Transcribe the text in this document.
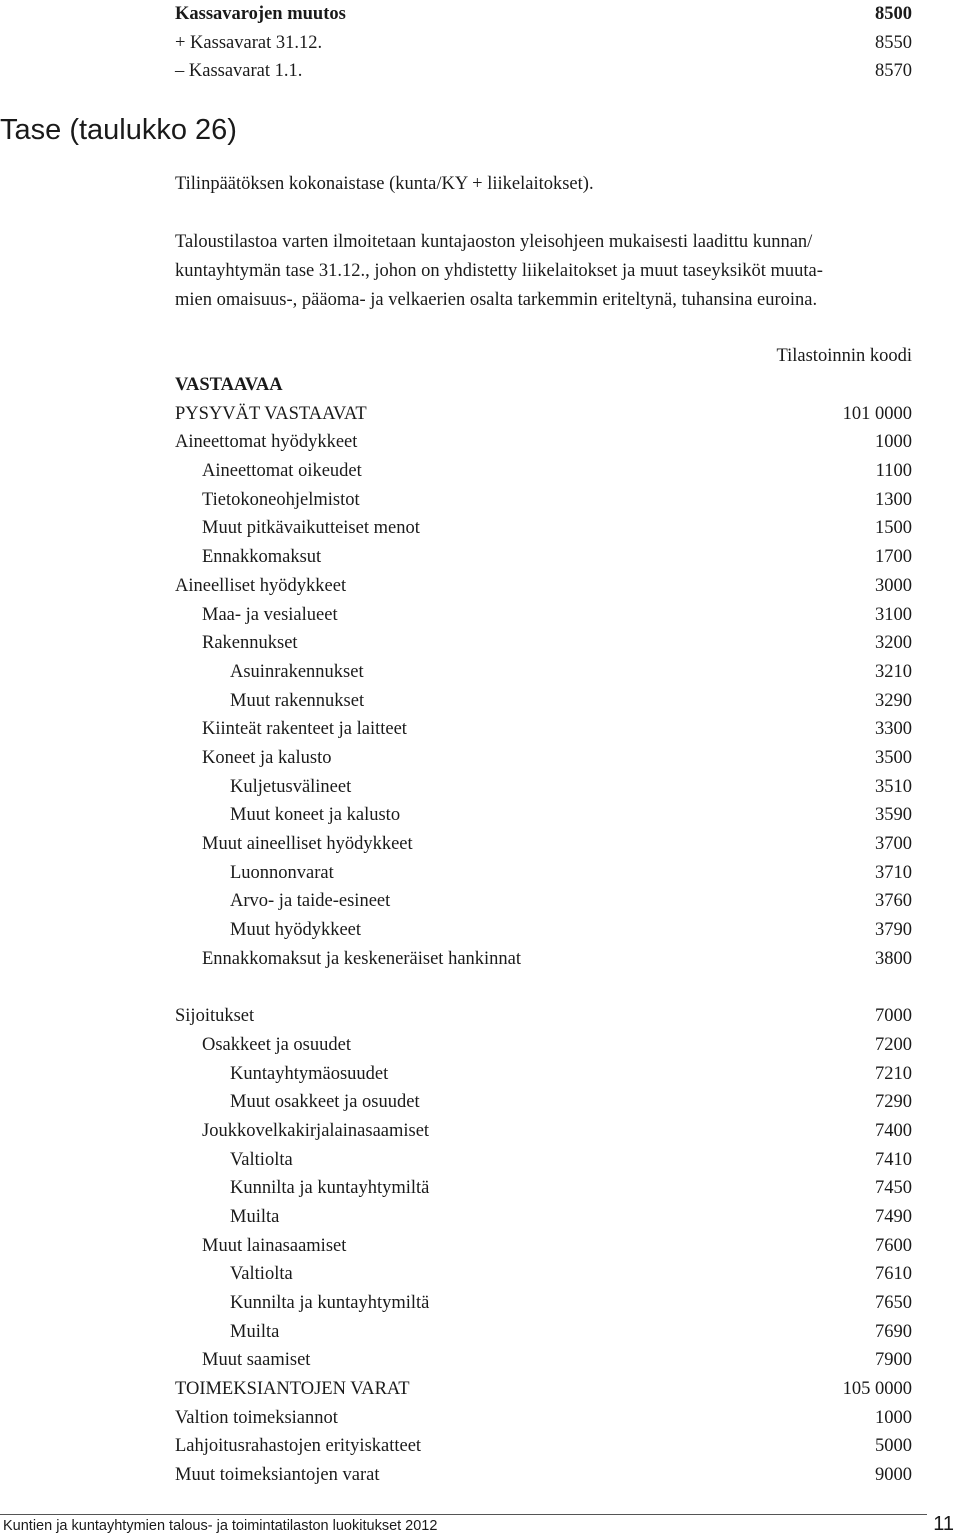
Kassavarojen muutos	8500
+ Kassavarat 31.12.	8550
– Kassavarat 1.1.	8570
Tase (taulukko 26)

Tilinpäätöksen kokonaistase (kunta/KY + liikelaitokset).

Taloustilastoa varten ilmoitetaan kuntajaoston yleisohjeen mukaisesti laadittu kunnan/

kuntayhtymän tase 31.12., johon on yhdistetty liikelaitokset ja muut taseyksiköt muuta-

mien omaisuus-, pääoma- ja velkaerien osalta tarkemmin eriteltynä, tuhansina euroina.

Tilastoinnin koodi
VASTAAVAA
PYSYVÄT VASTAAVAT	101 0000
Aineettomat hyödykkeet	1000
Aineettomat oikeudet	1100
Tietokoneohjelmistot	1300
Muut pitkävaikutteiset menot	1500
Ennakkomaksut	1700
Aineelliset hyödykkeet	3000
Maa- ja vesialueet	3100
Rakennukset	3200
Asuinrakennukset	3210
Muut rakennukset	3290
Kiinteät rakenteet ja laitteet	3300
Koneet ja kalusto	3500
Kuljetusvälineet	3510
Muut koneet ja kalusto	3590
Muut aineelliset hyödykkeet	3700
Luonnonvarat	3710
Arvo- ja taide-esineet	3760
Muut hyödykkeet	3790
Ennakkomaksut ja keskeneräiset hankinnat	3800
Sijoitukset	7000
Osakkeet ja osuudet	7200
Kuntayhtymäosuudet	7210
Muut osakkeet ja osuudet	7290
Joukkovelkakirjalainasaamiset	7400
Valtiolta	7410
Kunnilta ja kuntayhtymiltä	7450
Muilta	7490
Muut lainasaamiset	7600
Valtiolta	7610
Kunnilta ja kuntayhtymiltä	7650
Muilta	7690
Muut saamiset	7900
TOIMEKSIANTOJEN VARAT	105 0000
Valtion toimeksiannot	1000
Lahjoitusrahastojen erityiskatteet	5000
Muut toimeksiantojen varat	9000
Kuntien ja kuntayhtymien talous- ja toimintatilaston luokitukset 2012	11
